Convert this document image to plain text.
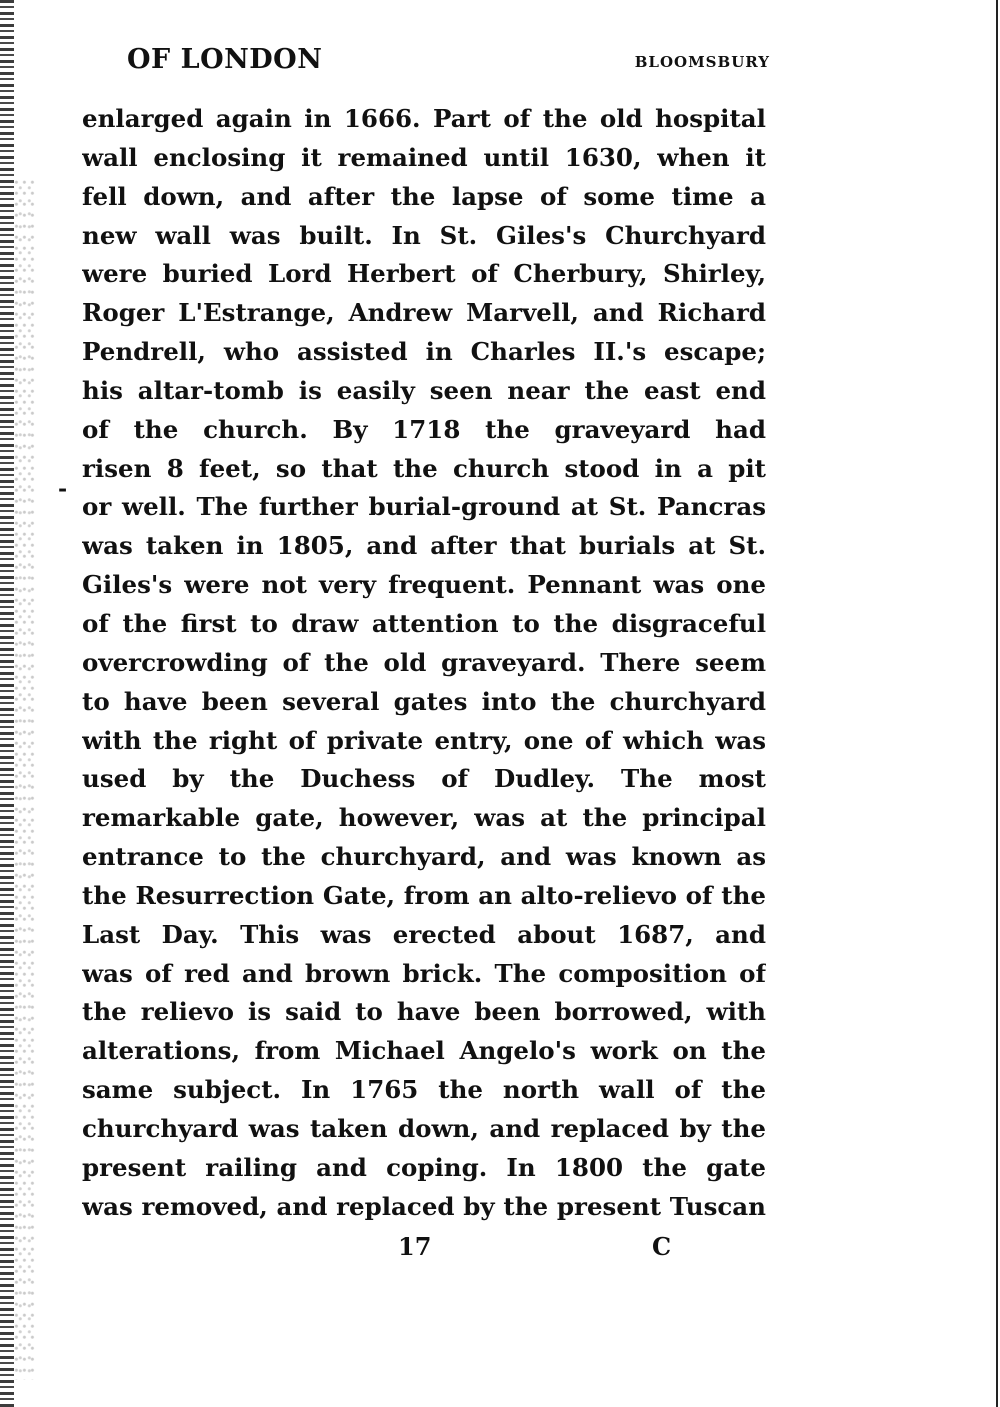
OF LONDON	BLOOMSBURY
-
enlarged again in 1666. Part of the old hospital
wall enclosing it remained until 1630, when it
fell down, and after the lapse of some time a
new wall was built. In St. Giles's Churchyard
were buried Lord Herbert of Cherbury, Shirley,
Roger L'Estrange, Andrew Marvell, and Richard
Pendrell, who assisted in Charles II.'s escape;
his altar-tomb is easily seen near the east end
of the church. By 1718 the graveyard had
risen 8 feet, so that the church stood in a pit
or well. The further burial-ground at St. Pancras
was taken in 1805, and after that burials at St.
Giles's were not very frequent. Pennant was one
of the first to draw attention to the disgraceful
overcrowding of the old graveyard. There seem
to have been several gates into the churchyard
with the right of private entry, one of which was
used by the Duchess of Dudley. The most
remarkable gate, however, was at the principal
entrance to the churchyard, and was known as
the Resurrection Gate, from an alto-relievo of the
Last Day. This was erected about 1687, and
was of red and brown brick. The composition of
the relievo is said to have been borrowed, with
alterations, from Michael Angelo's work on the
same subject. In 1765 the north wall of the
churchyard was taken down, and replaced by the
present railing and coping. In 1800 the gate
was removed, and replaced by the present Tuscan
17	C
